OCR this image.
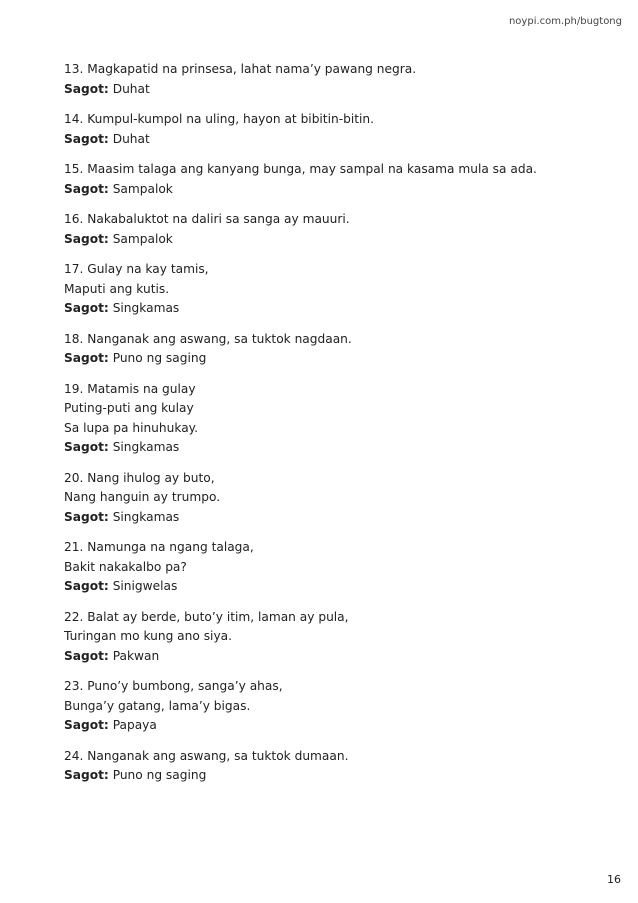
noypi.com.ph/bugtong
13. Magkapatid na prinsesa, lahat nama’y pawang negra.
Sagot: Duhat
14. Kumpul-kumpol na uling, hayon at bibitin-bitin.
Sagot: Duhat
15. Maasim talaga ang kanyang bunga, may sampal na kasama mula sa ada.
Sagot: Sampalok
16. Nakabaluktot na daliri sa sanga ay mauuri.
Sagot: Sampalok
17. Gulay na kay tamis,
Maputi ang kutis.
Sagot: Singkamas
18. Nanganak ang aswang, sa tuktok nagdaan.
Sagot: Puno ng saging
19. Matamis na gulay
Puting-puti ang kulay
Sa lupa pa hinuhukay.
Sagot: Singkamas
20. Nang ihulog ay buto,
Nang hanguin ay trumpo.
Sagot: Singkamas
21. Namunga na ngang talaga,
Bakit nakakalbo pa?
Sagot: Sinigwelas
22. Balat ay berde, buto’y itim, laman ay pula,
Turingan mo kung ano siya.
Sagot: Pakwan
23. Puno’y bumbong, sanga’y ahas,
Bunga’y gatang, lama’y bigas.
Sagot: Papaya
24. Nanganak ang aswang, sa tuktok dumaan.
Sagot: Puno ng saging
16
